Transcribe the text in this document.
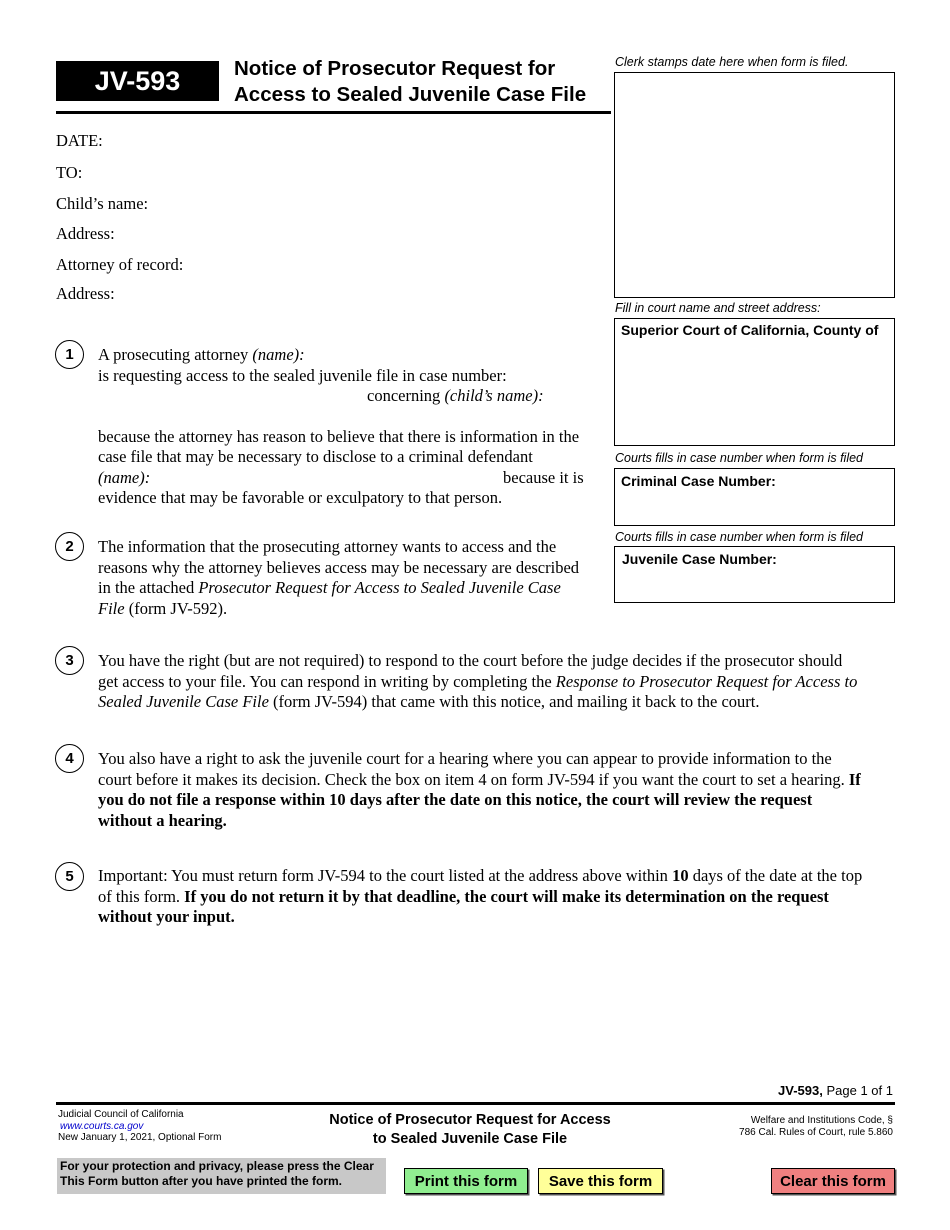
JV-593	Notice of Prosecutor Request for
Access to Sealed Juvenile Case File
Clerk stamps date here when form is filed.
Fill in court name and street address:
Superior Court of California, County of
Courts fills in case number when form is filed
Criminal Case Number:
Courts fills in case number when form is filed
Juvenile Case Number:
DATE:
TO:
Child’s name:
Address:
Attorney of record:
Address:
1	A prosecuting attorney (name):
is requesting access to the sealed juvenile file in case number:
concerning (child’s name):
because the attorney has reason to believe that there is information in the
case file that may be necessary to disclose to a criminal defendant
(name):	because it is
evidence that may be favorable or exculpatory to that person.
2	The information that the prosecuting attorney wants to access and the
reasons why the attorney believes access may be necessary are described
in the attached Prosecutor Request for Access to Sealed Juvenile Case
File (form JV-592).
3	You have the right (but are not required) to respond to the court before the judge decides if the prosecutor should
get access to your file. You can respond in writing by completing the Response to Prosecutor Request for Access to
Sealed Juvenile Case File (form JV-594) that came with this notice, and mailing it back to the court.
4	You also have a right to ask the juvenile court for a hearing where you can appear to provide information to the
court before it makes its decision. Check the box on item 4 on form JV-594 if you want the court to set a hearing. If
you do not file a response within 10 days after the date on this notice, the court will review the request
without a hearing.
5	Important: You must return form JV-594 to the court listed at the address above within 10 days of the date at the top
of this form. If you do not return it by that deadline, the court will make its determination on the request
without your input.
JV-593, Page 1 of 1
Judicial Council of California
www.courts.ca.gov
New January 1, 2021, Optional Form
Notice of Prosecutor Request for Access
to Sealed Juvenile Case File
Welfare and Institutions Code, §
786 Cal. Rules of Court, rule 5.860
For your protection and privacy, please press the Clear
This Form button after you have printed the form.	Print this form	Save this form	Clear this form
